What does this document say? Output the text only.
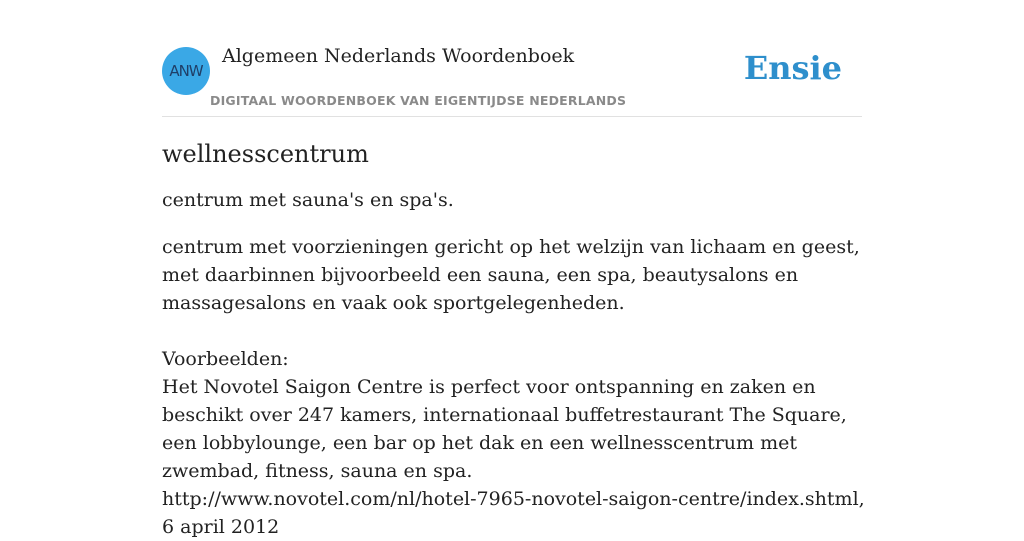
ANW
Algemeen Nederlands Woordenboek
DIGITAAL WOORDENBOEK VAN EIGENTIJDSE NEDERLANDS
Ensie
wellnesscentrum

centrum met sauna's en spa's.

centrum met voorzieningen gericht op het welzijn van lichaam en geest, met daarbinnen bijvoorbeeld een sauna, een spa, beautysalons en massagesalons en vaak ook sportgelegenheden.

Voorbeelden:

Het Novotel Saigon Centre is perfect voor ontspanning en zaken en beschikt over 247 kamers, internationaal buffetrestaurant The Square, een lobbylounge, een bar op het dak en een wellnesscentrum met zwembad, fitness, sauna en spa.

http://www.novotel.com/nl/hotel-7965-novotel-saigon-centre/index.shtml, 6 april 2012
